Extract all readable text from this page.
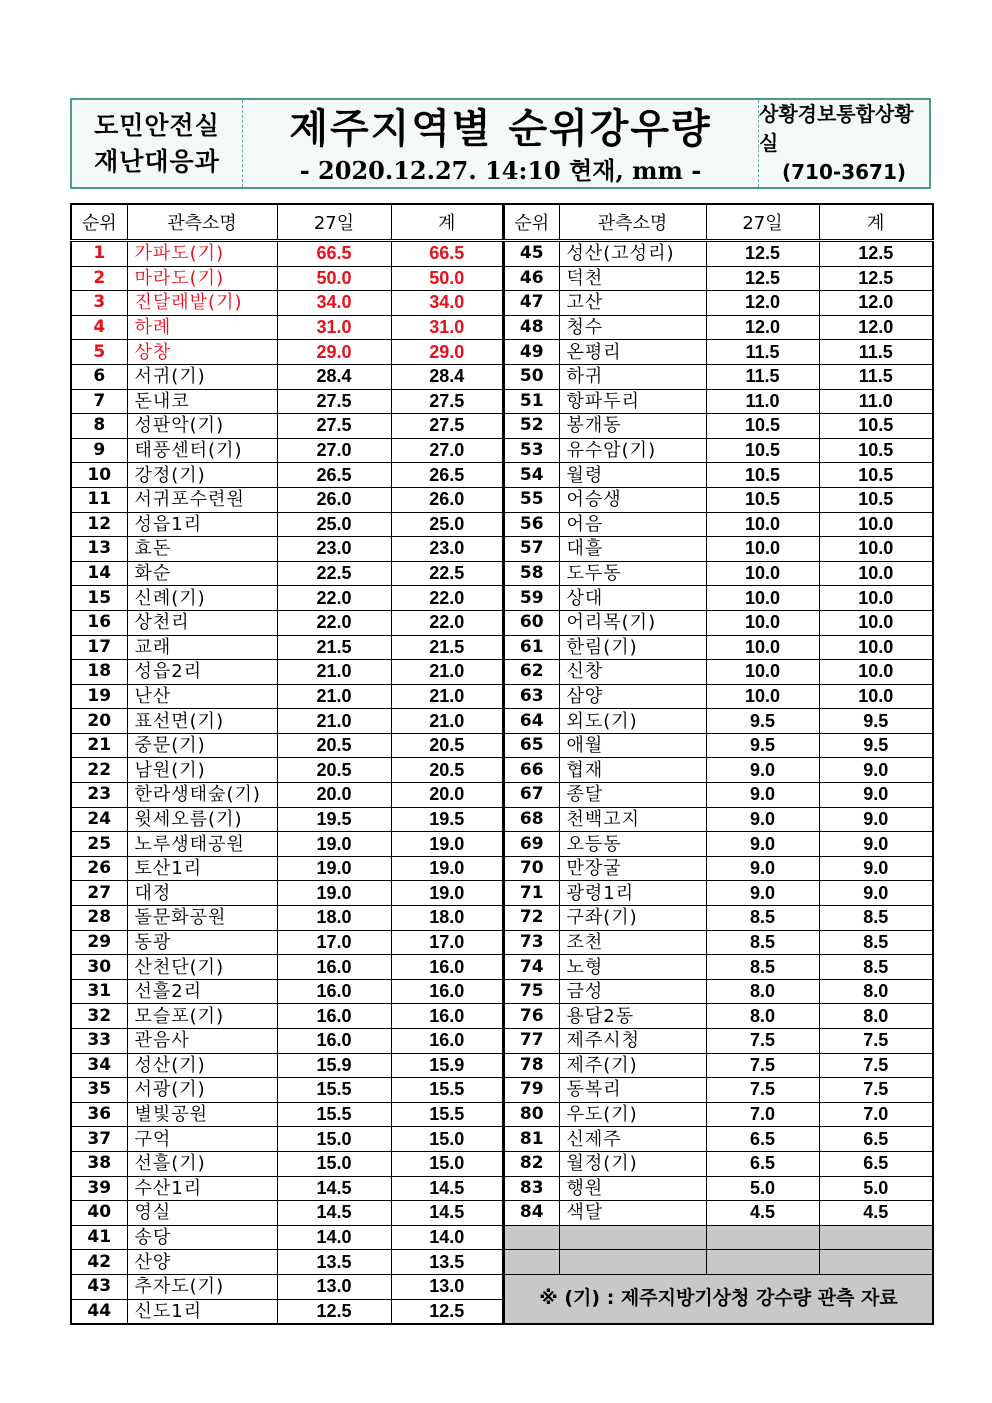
도민안전실
재난대응과
제주지역별 순위강우량
- 2020.12.27. 14:10 현재, mm -
상황경보통합상황실
(710-3671)
순위	관측소명	27일	계
1	가파도(기)	66.5	66.5
2	마라도(기)	50.0	50.0
3	진달래밭(기)	34.0	34.0
4	하례	31.0	31.0
5	상창	29.0	29.0
6	서귀(기)	28.4	28.4
7	돈내코	27.5	27.5
8	성판악(기)	27.5	27.5
9	태풍센터(기)	27.0	27.0
10	강정(기)	26.5	26.5
11	서귀포수련원	26.0	26.0
12	성읍1리	25.0	25.0
13	효돈	23.0	23.0
14	화순	22.5	22.5
15	신례(기)	22.0	22.0
16	상천리	22.0	22.0
17	교래	21.5	21.5
18	성읍2리	21.0	21.0
19	난산	21.0	21.0
20	표선면(기)	21.0	21.0
21	중문(기)	20.5	20.5
22	남원(기)	20.5	20.5
23	한라생태숲(기)	20.0	20.0
24	윗세오름(기)	19.5	19.5
25	노루생태공원	19.0	19.0
26	토산1리	19.0	19.0
27	대정	19.0	19.0
28	돌문화공원	18.0	18.0
29	동광	17.0	17.0
30	산천단(기)	16.0	16.0
31	선흘2리	16.0	16.0
32	모슬포(기)	16.0	16.0
33	관음사	16.0	16.0
34	성산(기)	15.9	15.9
35	서광(기)	15.5	15.5
36	별빛공원	15.5	15.5
37	구억	15.0	15.0
38	선흘(기)	15.0	15.0
39	수산1리	14.5	14.5
40	영실	14.5	14.5
41	송당	14.0	14.0
42	산양	13.5	13.5
43	추자도(기)	13.0	13.0
44	신도1리	12.5	12.5
순위	관측소명	27일	계
45	성산(고성리)	12.5	12.5
46	덕천	12.5	12.5
47	고산	12.0	12.0
48	청수	12.0	12.0
49	온평리	11.5	11.5
50	하귀	11.5	11.5
51	항파두리	11.0	11.0
52	봉개동	10.5	10.5
53	유수암(기)	10.5	10.5
54	월령	10.5	10.5
55	어승생	10.5	10.5
56	어음	10.0	10.0
57	대흘	10.0	10.0
58	도두동	10.0	10.0
59	상대	10.0	10.0
60	어리목(기)	10.0	10.0
61	한림(기)	10.0	10.0
62	신창	10.0	10.0
63	삼양	10.0	10.0
64	외도(기)	9.5	9.5
65	애월	9.5	9.5
66	협재	9.0	9.0
67	종달	9.0	9.0
68	천백고지	9.0	9.0
69	오등동	9.0	9.0
70	만장굴	9.0	9.0
71	광령1리	9.0	9.0
72	구좌(기)	8.5	8.5
73	조천	8.5	8.5
74	노형	8.5	8.5
75	금성	8.0	8.0
76	용담2동	8.0	8.0
77	제주시청	7.5	7.5
78	제주(기)	7.5	7.5
79	동복리	7.5	7.5
80	우도(기)	7.0	7.0
81	신제주	6.5	6.5
82	월정(기)	6.5	6.5
83	행원	5.0	5.0
84	색달	4.5	4.5

※ (기) : 제주지방기상청 강수량 관측 자료			
